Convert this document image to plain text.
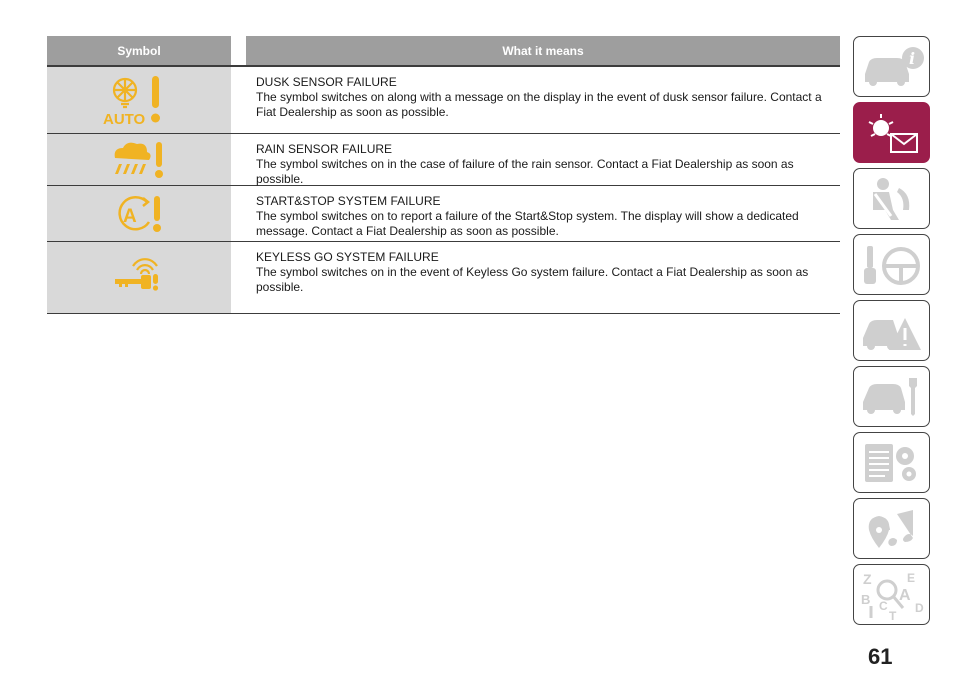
Symbol	What it means
AUTO
DUSK SENSOR FAILURE
The symbol switches on along with a message on the display in the event of dusk sensor failure. Contact a Fiat Dealership as soon as possible.
RAIN SENSOR FAILURE
The symbol switches on in the case of failure of the rain sensor. Contact a Fiat Dealership as soon as possible.
A
START&STOP SYSTEM FAILURE
The symbol switches on to report a failure of the Start&Stop system. The display will show a dedicated message. Contact a Fiat Dealership as soon as possible.
KEYLESS GO SYSTEM FAILURE
The symbol switches on in the event of Keyless Go system failure. Contact a Fiat Dealership as soon as possible.
i
Z	E
A
B C D
T
61
